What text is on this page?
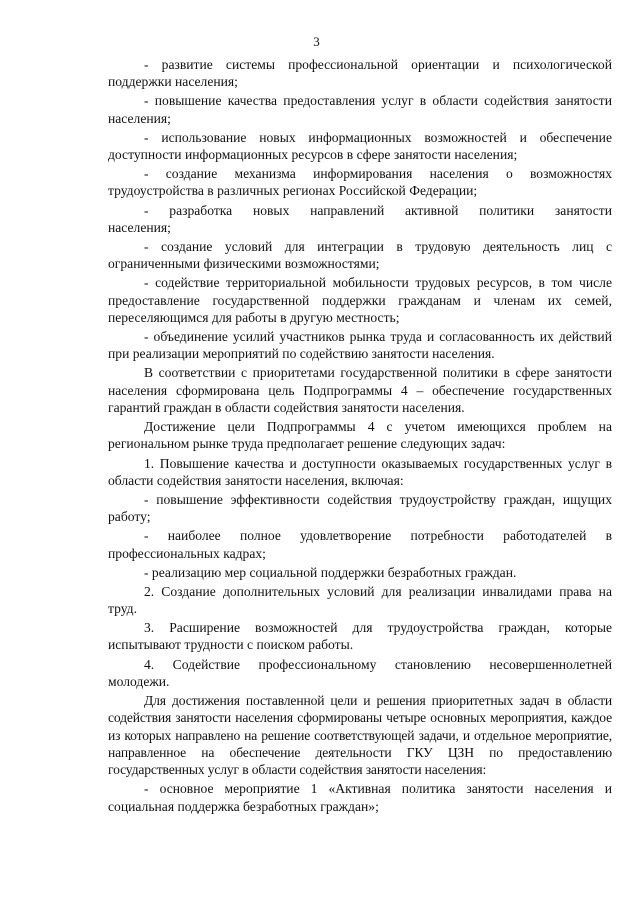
3

- развитие системы профессиональной ориентации и психологической поддержки населения;

- повышение качества предоставления услуг в области содействия занятости населения;

- использование новых информационных возможностей и обеспечение доступности информационных ресурсов в сфере занятости населения;

- создание механизма информирования населения о возможностях трудоустройства в различных регионах Российской Федерации;

- разработка новых направлений активной политики занятости населения;

- создание условий для интеграции в трудовую деятельность лиц с ограниченными физическими возможностями;

- содействие территориальной мобильности трудовых ресурсов, в том числе предоставление государственной поддержки гражданам и членам их семей, переселяющимся для работы в другую местность;

- объединение усилий участников рынка труда и согласованность их действий при реализации мероприятий по содействию занятости населения.

В соответствии с приоритетами государственной политики в сфере занятости населения сформирована цель Подпрограммы 4 – обеспечение государственных гарантий граждан в области содействия занятости населения.

Достижение цели Подпрограммы 4 с учетом имеющихся проблем на региональном рынке труда предполагает решение следующих задач:

1. Повышение качества и доступности оказываемых государственных услуг в области содействия занятости населения, включая:

- повышение эффективности содействия трудоустройству граждан, ищущих работу;

- наиболее полное удовлетворение потребности работодателей в профессиональных кадрах;

- реализацию мер социальной поддержки безработных граждан.

2. Создание дополнительных условий для реализации инвалидами права на труд.

3. Расширение возможностей для трудоустройства граждан, которые испытывают трудности с поиском работы.

4. Содействие профессиональному становлению несовершеннолетней молодежи.

Для достижения поставленной цели и решения приоритетных задач в области содействия занятости населения сформированы четыре основных мероприятия, каждое из которых направлено на решение соответствующей задачи, и отдельное мероприятие, направленное на обеспечение деятельности ГКУ ЦЗН по предоставлению государственных услуг в области содействия занятости населения:

- основное мероприятие 1 «Активная политика занятости населения и социальная поддержка безработных граждан»;
